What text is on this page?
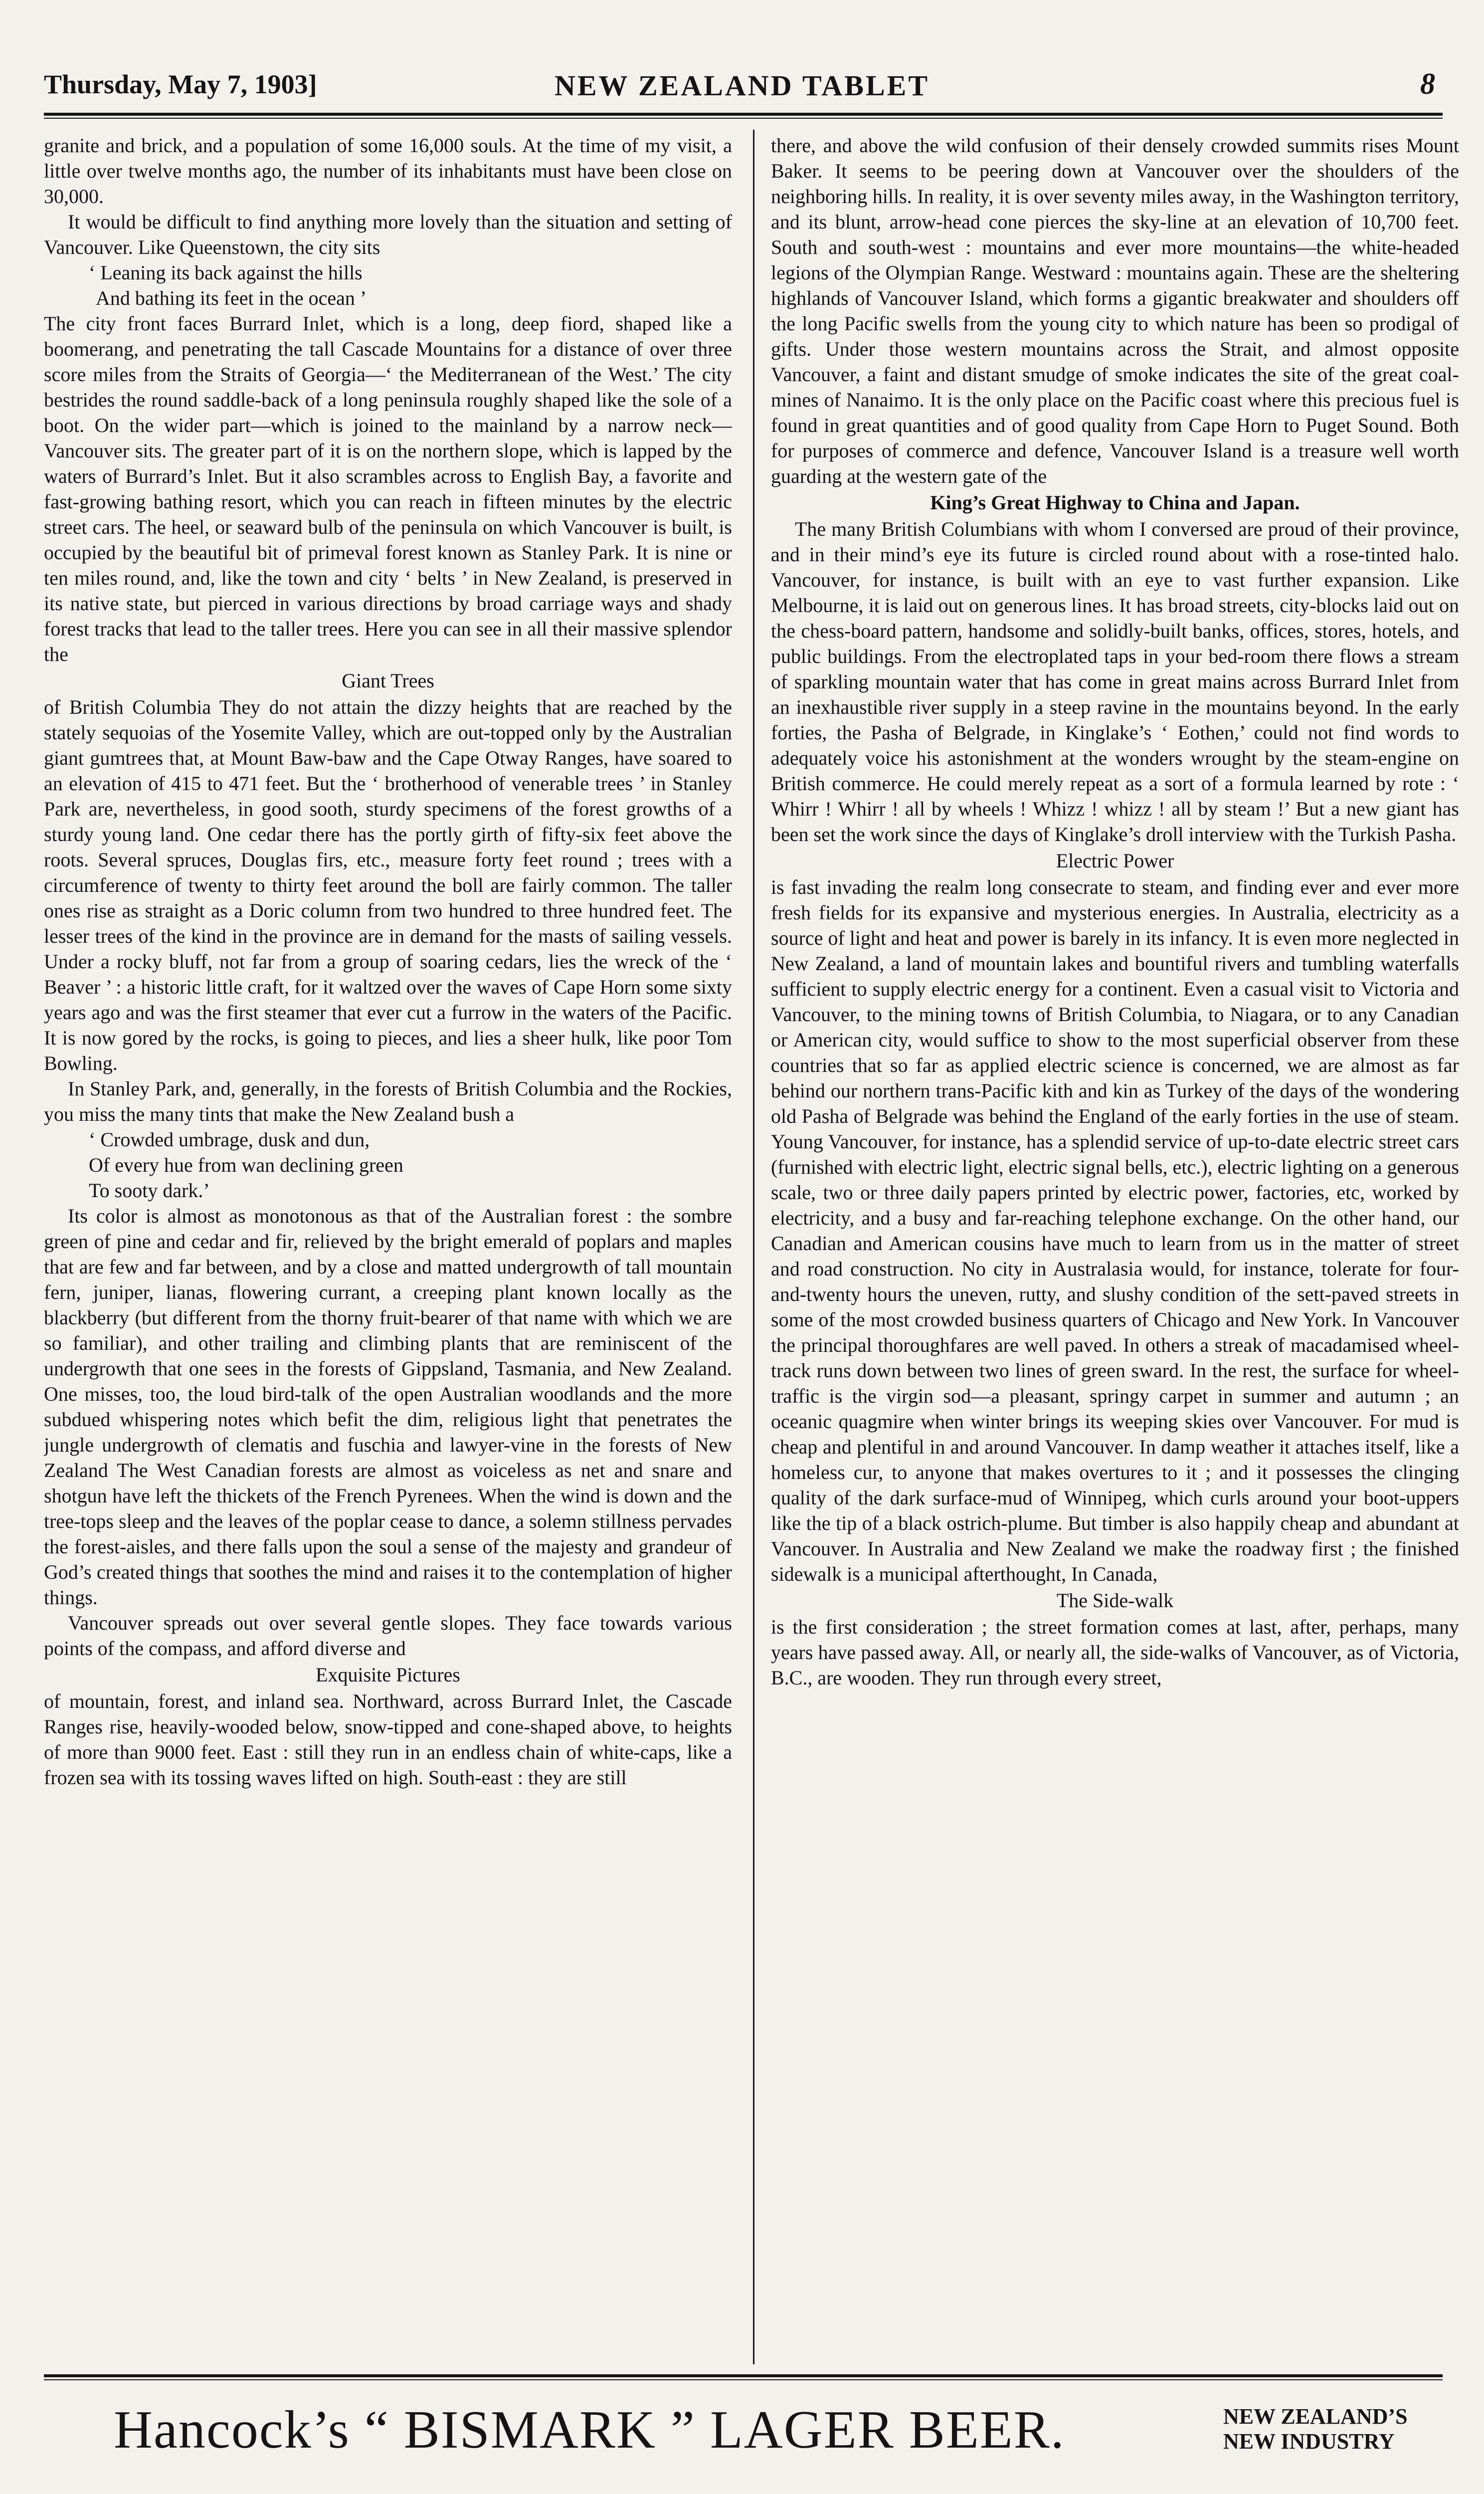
Thursday, May 7, 1903]	NEW ZEALAND TABLET	8

granite and brick, and a population of some 16,000 souls. At the time of my visit, a little over twelve months ago, the number of its inhabitants must have been close on 30,000.

It would be difficult to find anything more lovely than the situation and setting of Vancouver. Like Queenstown, the city sits

‘ Leaning its back against the hills
And bathing its feet in the ocean ’

The city front faces Burrard Inlet, which is a long, deep fiord, shaped like a boomerang, and penetrating the tall Cascade Mountains for a distance of over three score miles from the Straits of Georgia—‘ the Mediterranean of the West.’ The city bestrides the round saddle-back of a long peninsula roughly shaped like the sole of a boot. On the wider part—which is joined to the mainland by a narrow neck—Vancouver sits. The greater part of it is on the northern slope, which is lapped by the waters of Burrard’s Inlet. But it also scrambles across to English Bay, a favorite and fast-growing bathing resort, which you can reach in fifteen minutes by the electric street cars. The heel, or seaward bulb of the peninsula on which Vancouver is built, is occupied by the beautiful bit of primeval forest known as Stanley Park. It is nine or ten miles round, and, like the town and city ‘ belts ’ in New Zealand, is preserved in its native state, but pierced in various directions by broad carriage ways and shady forest tracks that lead to the taller trees. Here you can see in all their massive splendor the

Giant Trees

of British Columbia They do not attain the dizzy heights that are reached by the stately sequoias of the Yosemite Valley, which are out-topped only by the Australian giant gumtrees that, at Mount Baw-baw and the Cape Otway Ranges, have soared to an elevation of 415 to 471 feet. But the ‘ brotherhood of venerable trees ’ in Stanley Park are, nevertheless, in good sooth, sturdy specimens of the forest growths of a sturdy young land. One cedar there has the portly girth of fifty-six feet above the roots. Several spruces, Douglas firs, etc., measure forty feet round ; trees with a circumference of twenty to thirty feet around the boll are fairly common. The taller ones rise as straight as a Doric column from two hundred to three hundred feet. The lesser trees of the kind in the province are in demand for the masts of sailing vessels. Under a rocky bluff, not far from a group of soaring cedars, lies the wreck of the ‘ Beaver ’ : a historic little craft, for it waltzed over the waves of Cape Horn some sixty years ago and was the first steamer that ever cut a furrow in the waters of the Pacific. It is now gored by the rocks, is going to pieces, and lies a sheer hulk, like poor Tom Bowling.

In Stanley Park, and, generally, in the forests of British Columbia and the Rockies, you miss the many tints that make the New Zealand bush a

‘ Crowded umbrage, dusk and dun,
Of every hue from wan declining green
To sooty dark.’

Its color is almost as monotonous as that of the Australian forest : the sombre green of pine and cedar and fir, relieved by the bright emerald of poplars and maples that are few and far between, and by a close and matted undergrowth of tall mountain fern, juniper, lianas, flowering currant, a creeping plant known locally as the blackberry (but different from the thorny fruit-bearer of that name with which we are so familiar), and other trailing and climbing plants that are reminiscent of the undergrowth that one sees in the forests of Gippsland, Tasmania, and New Zealand. One misses, too, the loud bird-talk of the open Australian woodlands and the more subdued whispering notes which befit the dim, religious light that penetrates the jungle undergrowth of clematis and fuschia and lawyer-vine in the forests of New Zealand The West Canadian forests are almost as voiceless as net and snare and shotgun have left the thickets of the French Pyrenees. When the wind is down and the tree-tops sleep and the leaves of the poplar cease to dance, a solemn stillness pervades the forest-aisles, and there falls upon the soul a sense of the majesty and grandeur of God’s created things that soothes the mind and raises it to the contemplation of higher things.

Vancouver spreads out over several gentle slopes. They face towards various points of the compass, and afford diverse and

Exquisite Pictures

of mountain, forest, and inland sea. Northward, across Burrard Inlet, the Cascade Ranges rise, heavily-wooded below, snow-tipped and cone-shaped above, to heights of more than 9000 feet. East : still they run in an endless chain of white-caps, like a frozen sea with its tossing waves lifted on high. South-east : they are still

there, and above the wild confusion of their densely crowded summits rises Mount Baker. It seems to be peering down at Vancouver over the shoulders of the neighboring hills. In reality, it is over seventy miles away, in the Washington territory, and its blunt, arrow-head cone pierces the sky-line at an elevation of 10,700 feet. South and south-west : mountains and ever more mountains—the white-headed legions of the Olympian Range. Westward : mountains again. These are the sheltering highlands of Vancouver Island, which forms a gigantic breakwater and shoulders off the long Pacific swells from the young city to which nature has been so prodigal of gifts. Under those western mountains across the Strait, and almost opposite Vancouver, a faint and distant smudge of smoke indicates the site of the great coal-mines of Nanaimo. It is the only place on the Pacific coast where this precious fuel is found in great quantities and of good quality from Cape Horn to Puget Sound. Both for purposes of commerce and defence, Vancouver Island is a treasure well worth guarding at the western gate of the

King’s Great Highway to China and Japan.

The many British Columbians with whom I conversed are proud of their province, and in their mind’s eye its future is circled round about with a rose-tinted halo. Vancouver, for instance, is built with an eye to vast further expansion. Like Melbourne, it is laid out on generous lines. It has broad streets, city-blocks laid out on the chess-board pattern, handsome and solidly-built banks, offices, stores, hotels, and public buildings. From the electroplated taps in your bed-room there flows a stream of sparkling mountain water that has come in great mains across Burrard Inlet from an inexhaustible river supply in a steep ravine in the mountains beyond. In the early forties, the Pasha of Belgrade, in Kinglake’s ‘ Eothen,’ could not find words to adequately voice his astonishment at the wonders wrought by the steam-engine on British commerce. He could merely repeat as a sort of a formula learned by rote : ‘ Whirr ! Whirr ! all by wheels ! Whizz ! whizz ! all by steam !’ But a new giant has been set the work since the days of Kinglake’s droll interview with the Turkish Pasha.

Electric Power

is fast invading the realm long consecrate to steam, and finding ever and ever more fresh fields for its expansive and mysterious energies. In Australia, electricity as a source of light and heat and power is barely in its infancy. It is even more neglected in New Zealand, a land of mountain lakes and bountiful rivers and tumbling waterfalls sufficient to supply electric energy for a continent. Even a casual visit to Victoria and Vancouver, to the mining towns of British Columbia, to Niagara, or to any Canadian or American city, would suffice to show to the most superficial observer from these countries that so far as applied electric science is concerned, we are almost as far behind our northern trans-Pacific kith and kin as Turkey of the days of the wondering old Pasha of Belgrade was behind the England of the early forties in the use of steam. Young Vancouver, for instance, has a splendid service of up-to-date electric street cars (furnished with electric light, electric signal bells, etc.), electric lighting on a generous scale, two or three daily papers printed by electric power, factories, etc, worked by electricity, and a busy and far-reaching telephone exchange. On the other hand, our Canadian and American cousins have much to learn from us in the matter of street and road construction. No city in Australasia would, for instance, tolerate for four-and-twenty hours the uneven, rutty, and slushy condition of the sett-paved streets in some of the most crowded business quarters of Chicago and New York. In Vancouver the principal thoroughfares are well paved. In others a streak of macadamised wheel-track runs down between two lines of green sward. In the rest, the surface for wheel-traffic is the virgin sod—a pleasant, springy carpet in summer and autumn ; an oceanic quagmire when winter brings its weeping skies over Vancouver. For mud is cheap and plentiful in and around Vancouver. In damp weather it attaches itself, like a homeless cur, to anyone that makes overtures to it ; and it possesses the clinging quality of the dark surface-mud of Winnipeg, which curls around your boot-uppers like the tip of a black ostrich-plume. But timber is also happily cheap and abundant at Vancouver. In Australia and New Zealand we make the roadway first ; the finished sidewalk is a municipal afterthought, In Canada,

The Side-walk

is the first consideration ; the street formation comes at last, after, perhaps, many years have passed away. All, or nearly all, the side-walks of Vancouver, as of Victoria, B.C., are wooden. They run through every street,

Hancock’s “ BISMARK ” LAGER BEER.	NEW ZEALAND’S
NEW INDUSTRY
